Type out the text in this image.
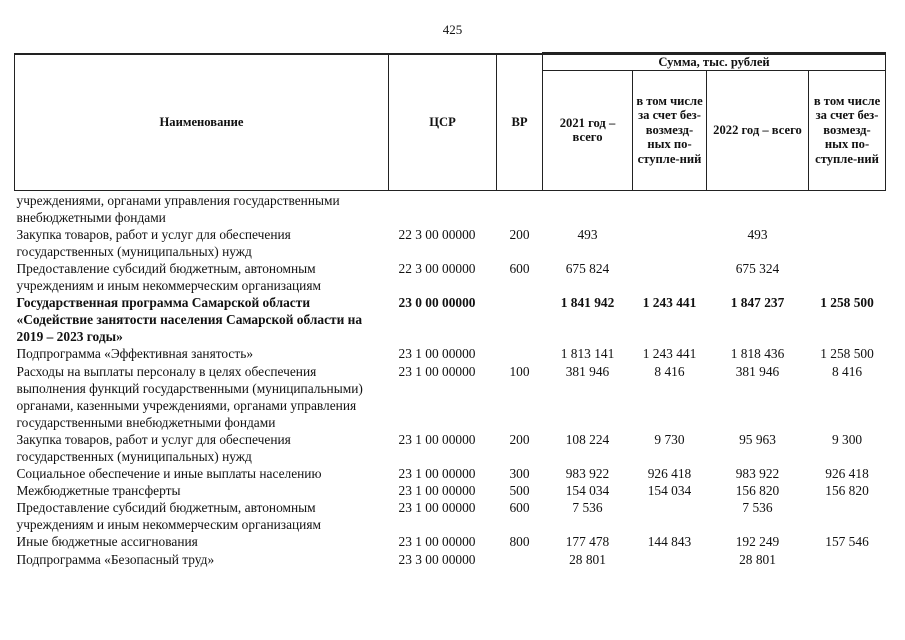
425
Наименование	ЦСР	ВР	Сумма, тыс. рублей			
			2021 год – всего	в том числе за счет без-возмезд-ных по-ступле-ний	2022 год – всего	в том числе за счет без-возмезд-ных по-ступле-ний
учреждениями, органами управления государственными внебюджетными фондами						
Закупка товаров, работ и услуг для обеспечения государственных (муниципальных) нужд	22 3 00 00000	200	493		493	
Предоставление субсидий бюджетным, автономным учреждениям и иным некоммерческим организациям	22 3 00 00000	600	675 824		675 324	
Государственная программа Самарской области «Содействие занятости населения Самарской области на 2019 – 2023 годы»	23 0 00 00000		1 841 942	1 243 441	1 847 237	1 258 500
Подпрограмма «Эффективная занятость»	23 1 00 00000		1 813 141	1 243 441	1 818 436	1 258 500
Расходы на выплаты персоналу в целях обеспечения выполнения функций государственными (муниципальными) органами, казенными учреждениями, органами управления государственными внебюджетными фондами	23 1 00 00000	100	381 946	8 416	381 946	8 416
Закупка товаров, работ и услуг для обеспечения государственных (муниципальных) нужд	23 1 00 00000	200	108 224	9 730	95 963	9 300
Социальное обеспечение и иные выплаты населению	23 1 00 00000	300	983 922	926 418	983 922	926 418
Межбюджетные трансферты	23 1 00 00000	500	154 034	154 034	156 820	156 820
Предоставление субсидий бюджетным, автономным учреждениям и иным некоммерческим организациям	23 1 00 00000	600	7 536		7 536	
Иные бюджетные ассигнования	23 1 00 00000	800	177 478	144 843	192 249	157 546
Подпрограмма «Безопасный труд»	23 3 00 00000		28 801		28 801	
